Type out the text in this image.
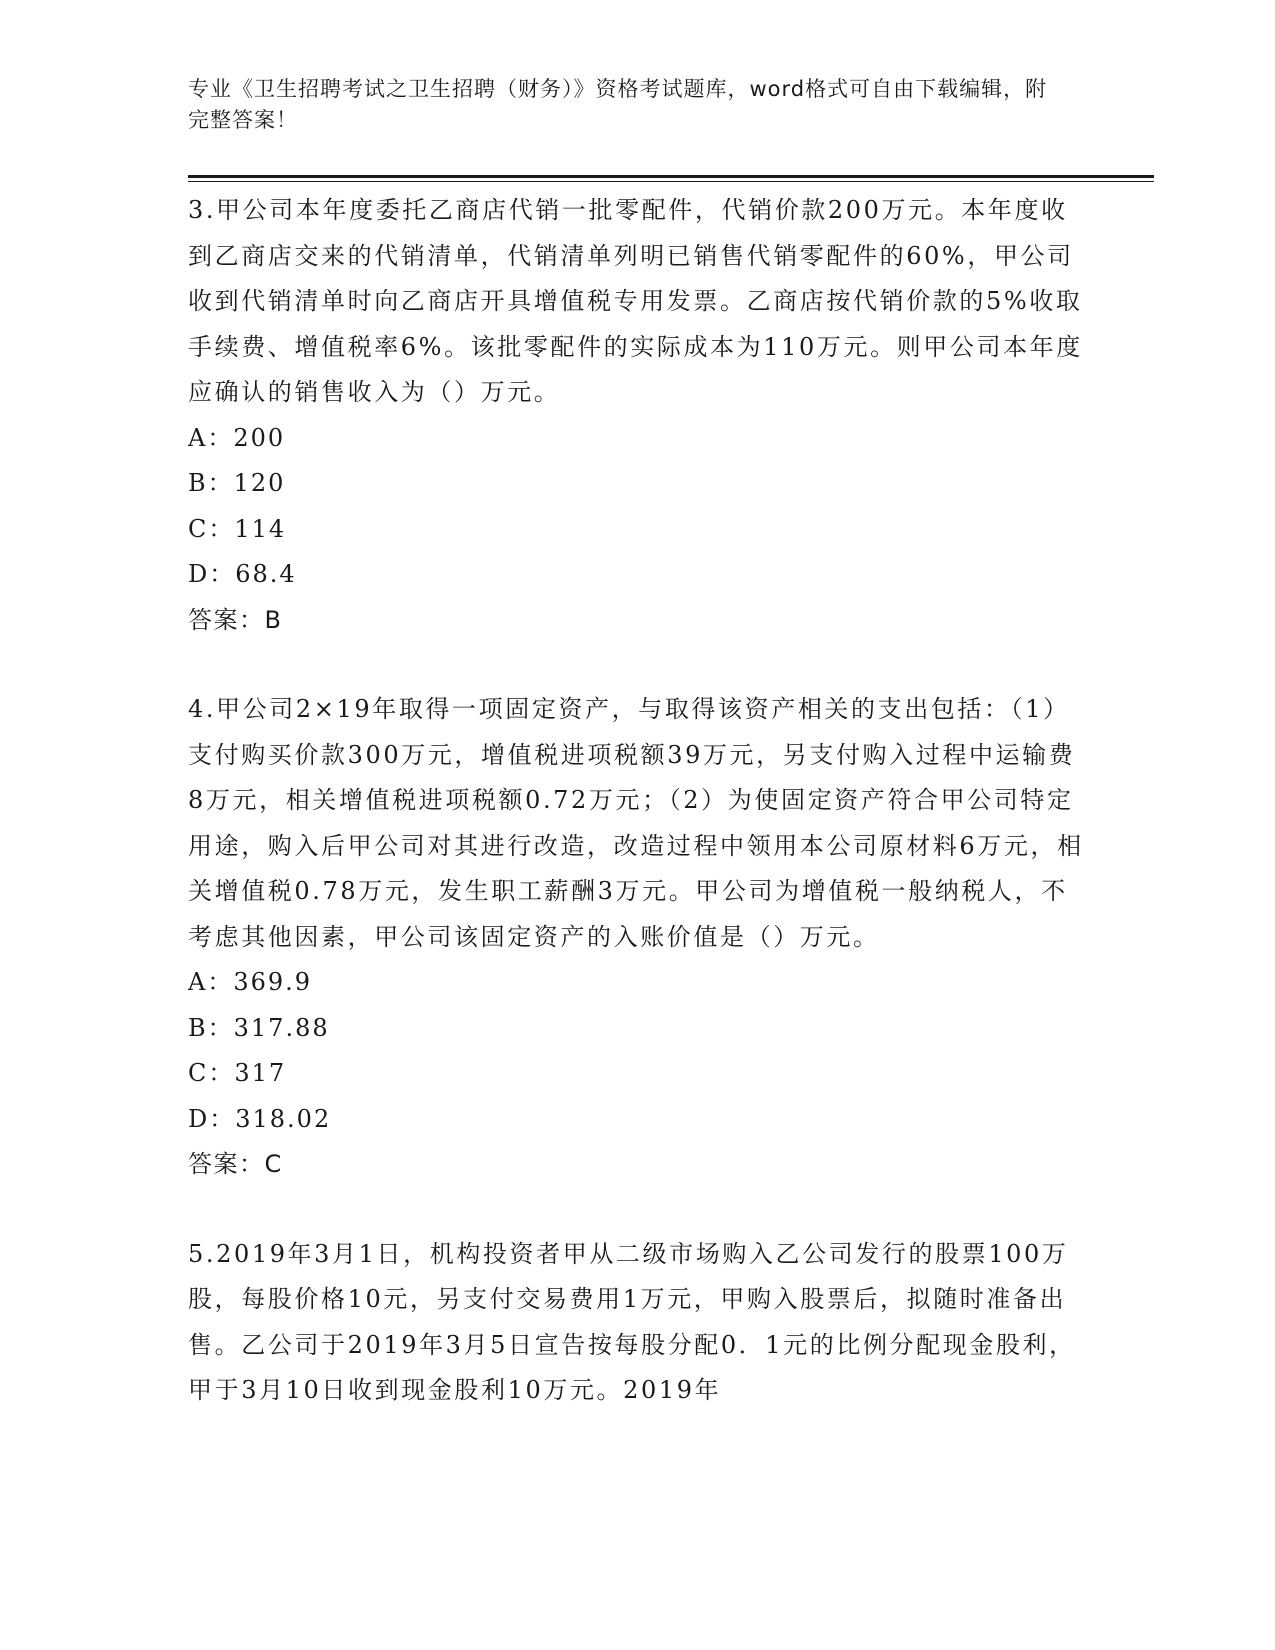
专业《卫生招聘考试之卫生招聘（财务）》资格考试题库，word格式可自由下载编辑，附完整答案！

3.甲公司本年度委托乙商店代销一批零配件，代销价款200万元。本年度收到乙商店交来的代销清单，代销清单列明已销售代销零配件的60%，甲公司收到代销清单时向乙商店开具增值税专用发票。乙商店按代销价款的5%收取手续费、增值税率6%。该批零配件的实际成本为110万元。则甲公司本年度应确认的销售收入为（）万元。

A：200

B：120

C：114

D：68.4

答案：B

4.甲公司2×19年取得一项固定资产，与取得该资产相关的支出包括：（1）支付购买价款300万元，增值税进项税额39万元，另支付购入过程中运输费8万元，相关增值税进项税额0.72万元；（2）为使固定资产符合甲公司特定用途，购入后甲公司对其进行改造，改造过程中领用本公司原材料6万元，相关增值税0.78万元，发生职工薪酬3万元。甲公司为增值税一般纳税人，不考虑其他因素，甲公司该固定资产的入账价值是（）万元。

A：369.9

B：317.88

C：317

D：318.02

答案：C

5.2019年3月1日，机构投资者甲从二级市场购入乙公司发行的股票100万股，每股价格10元，另支付交易费用1万元，甲购入股票后，拟随时准备出售。乙公司于2019年3月5日宣告按每股分配0．1元的比例分配现金股利，甲于3月10日收到现金股利10万元。2019年
